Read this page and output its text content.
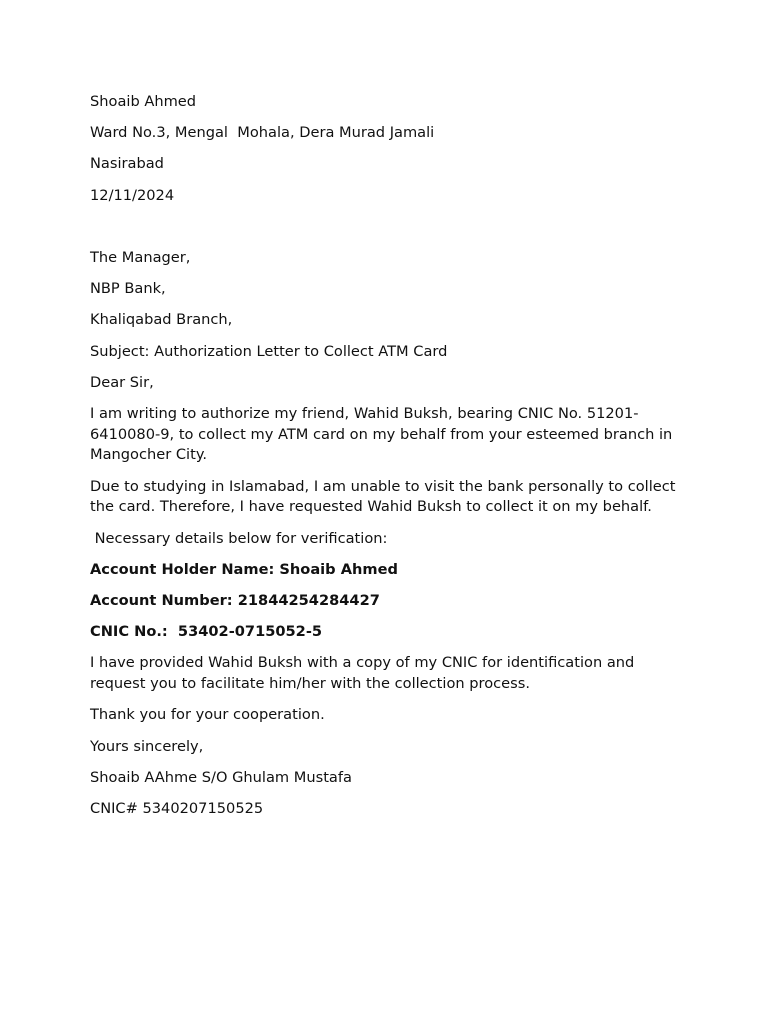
Shoaib Ahmed
Ward No.3, Mengal  Mohala, Dera Murad Jamali
Nasirabad
12/11/2024
The Manager,
NBP Bank,
Khaliqabad Branch,
Subject: Authorization Letter to Collect ATM Card
Dear Sir,
I am writing to authorize my friend, Wahid Buksh, bearing CNIC No. 51201-6410080-9, to collect my ATM card on my behalf from your esteemed branch in Mangocher City.
Due to studying in Islamabad, I am unable to visit the bank personally to collect the card. Therefore, I have requested Wahid Buksh to collect it on my behalf.
Necessary details below for verification:
Account Holder Name: Shoaib Ahmed
Account Number: 21844254284427
CNIC No.:  53402-0715052-5
I have provided Wahid Buksh with a copy of my CNIC for identification and request you to facilitate him/her with the collection process.
Thank you for your cooperation.
Yours sincerely,
Shoaib AAhme S/O Ghulam Mustafa
CNIC# 5340207150525
